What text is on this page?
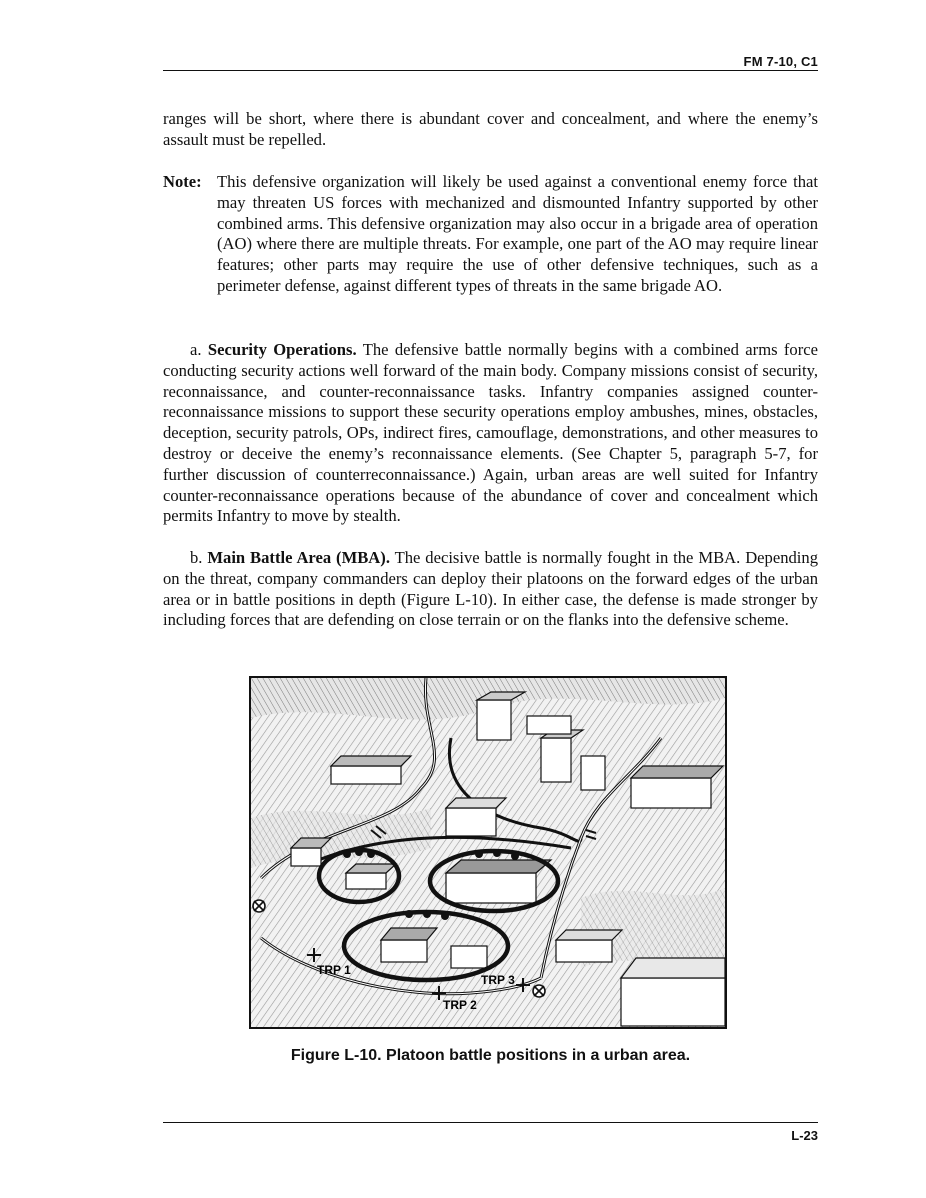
FM 7-10, C1
ranges will be short, where there is abundant cover and concealment, and where the enemy’s assault must be repelled.
Note: This defensive organization will likely be used against a conventional enemy force that may threaten US forces with mechanized and dismounted Infantry supported by other combined arms. This defensive organization may also occur in a brigade area of operation (AO) where there are multiple threats. For example, one part of the AO may require linear features; other parts may require the use of other defensive techniques, such as a perimeter defense, against different types of threats in the same brigade AO.
a. Security Operations. The defensive battle normally begins with a combined arms force conducting security actions well forward of the main body. Company missions consist of security, reconnaissance, and counter-reconnaissance tasks. Infantry companies assigned counter-reconnaissance missions to support these security operations employ ambushes, mines, obstacles, deception, security patrols, OPs, indirect fires, camouflage, demonstrations, and other measures to destroy or deceive the enemy’s reconnaissance elements. (See Chapter 5, paragraph 5-7, for further discussion of counterreconnaissance.) Again, urban areas are well suited for Infantry counter-reconnaissance operations because of the abundance of cover and concealment which permits Infantry to move by stealth.
b. Main Battle Area (MBA). The decisive battle is normally fought in the MBA. Depending on the threat, company commanders can deploy their platoons on the forward edges of the urban area or in battle positions in depth (Figure L-10). In either case, the defense is made stronger by including forces that are defending on close terrain or on the flanks into the defensive scheme.
TRP 1
TRP 2
TRP 3
Figure L-10. Platoon battle positions in a urban area.
L-23
